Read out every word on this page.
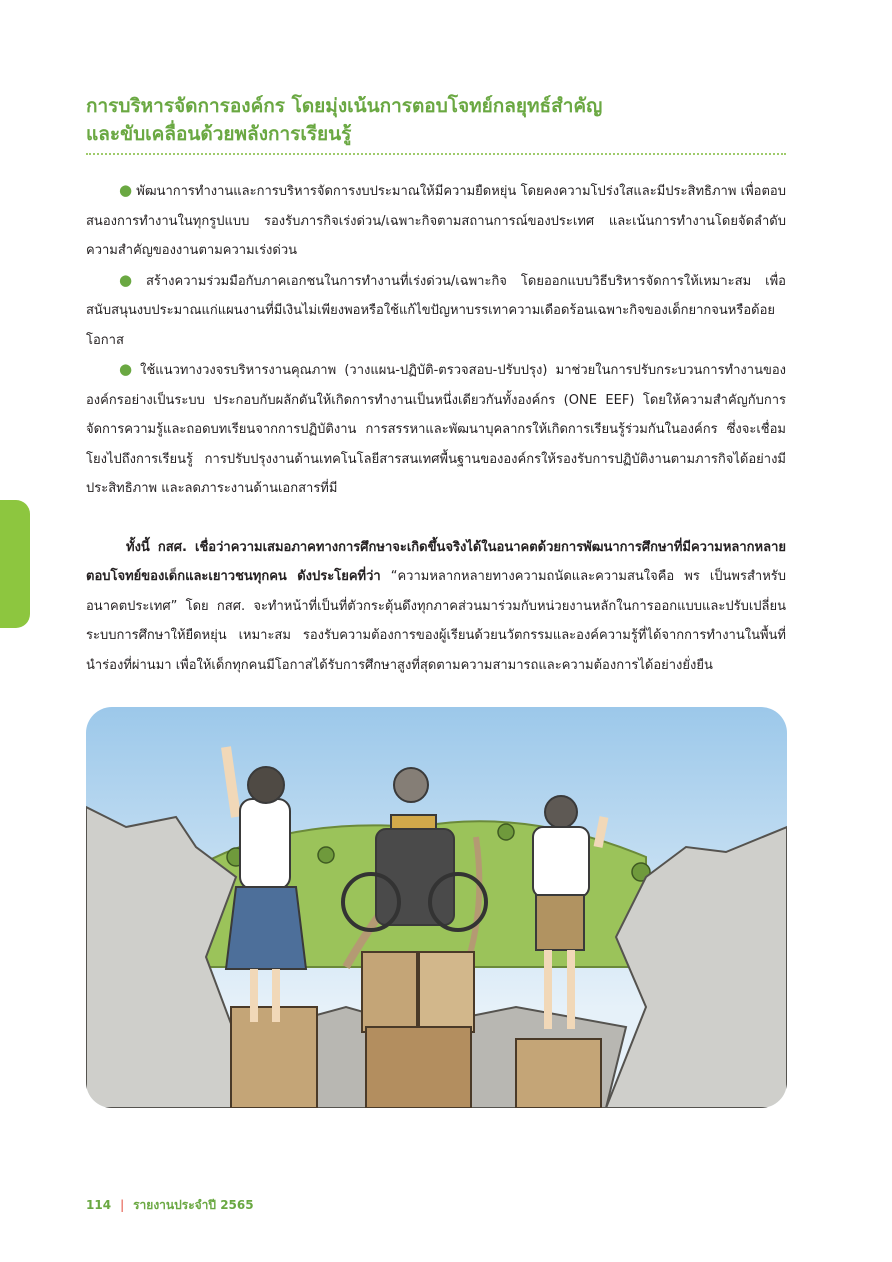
การบริหารจัดการองค์กร โดยมุ่งเน้นการตอบโจทย์กลยุทธ์สำคัญ
และขับเคลื่อนด้วยพลังการเรียนรู้

● พัฒนาการทำงานและการบริหารจัดการงบประมาณให้มีความยืดหยุ่น โดยคงความโปร่งใสและมีประสิทธิภาพ เพื่อตอบสนองการทำงานในทุกรูปแบบ รองรับภารกิจเร่งด่วน/เฉพาะกิจตามสถานการณ์ของประเทศ และเน้นการทำงานโดยจัดลำดับความสำคัญของงานตามความเร่งด่วน

● สร้างความร่วมมือกับภาคเอกชนในการทำงานที่เร่งด่วน/เฉพาะกิจ โดยออกแบบวิธีบริหารจัดการให้เหมาะสม เพื่อสนับสนุนงบประมาณแก่แผนงานที่มีเงินไม่เพียงพอหรือใช้แก้ไขปัญหาบรรเทาความเดือดร้อนเฉพาะกิจของเด็กยากจนหรือด้อยโอกาส

● ใช้แนวทางวงจรบริหารงานคุณภาพ (วางแผน-ปฏิบัติ-ตรวจสอบ-ปรับปรุง) มาช่วยในการปรับกระบวนการทำงานขององค์กรอย่างเป็นระบบ ประกอบกับผลักดันให้เกิดการทำงานเป็นหนึ่งเดียวกันทั้งองค์กร (ONE EEF) โดยให้ความสำคัญกับการจัดการความรู้และถอดบทเรียนจากการปฏิบัติงาน การสรรหาและพัฒนาบุคลากรให้เกิดการเรียนรู้ร่วมกันในองค์กร ซึ่งจะเชื่อมโยงไปถึงการเรียนรู้ การปรับปรุงงานด้านเทคโนโลยีสารสนเทศพื้นฐานขององค์กรให้รองรับการปฏิบัติงานตามภารกิจได้อย่างมีประสิทธิภาพ และลดภาระงานด้านเอกสารที่มี

ทั้งนี้ กสศ. เชื่อว่าความเสมอภาคทางการศึกษาจะเกิดขึ้นจริงได้ในอนาคตด้วยการพัฒนาการศึกษาที่มีความหลากหลาย ตอบโจทย์ของเด็กและเยาวชนทุกคน ดังประโยคที่ว่า “ความหลากหลายทางความถนัดและความสนใจคือ พร เป็นพรสำหรับอนาคตประเทศ” โดย กสศ. จะทำหน้าที่เป็นที่ตัวกระตุ้นดึงทุกภาคส่วนมาร่วมกับหน่วยงานหลักในการออกแบบและปรับเปลี่ยนระบบการศึกษาให้ยืดหยุ่น เหมาะสม รองรับความต้องการของผู้เรียนด้วยนวัตกรรมและองค์ความรู้ที่ได้จากการทำงานในพื้นที่นำร่องที่ผ่านมา เพื่อให้เด็กทุกคนมีโอกาสได้รับการศึกษาสูงที่สุดตามความสามารถและความต้องการได้อย่างยั่งยืน

114 | รายงานประจำปี 2565
